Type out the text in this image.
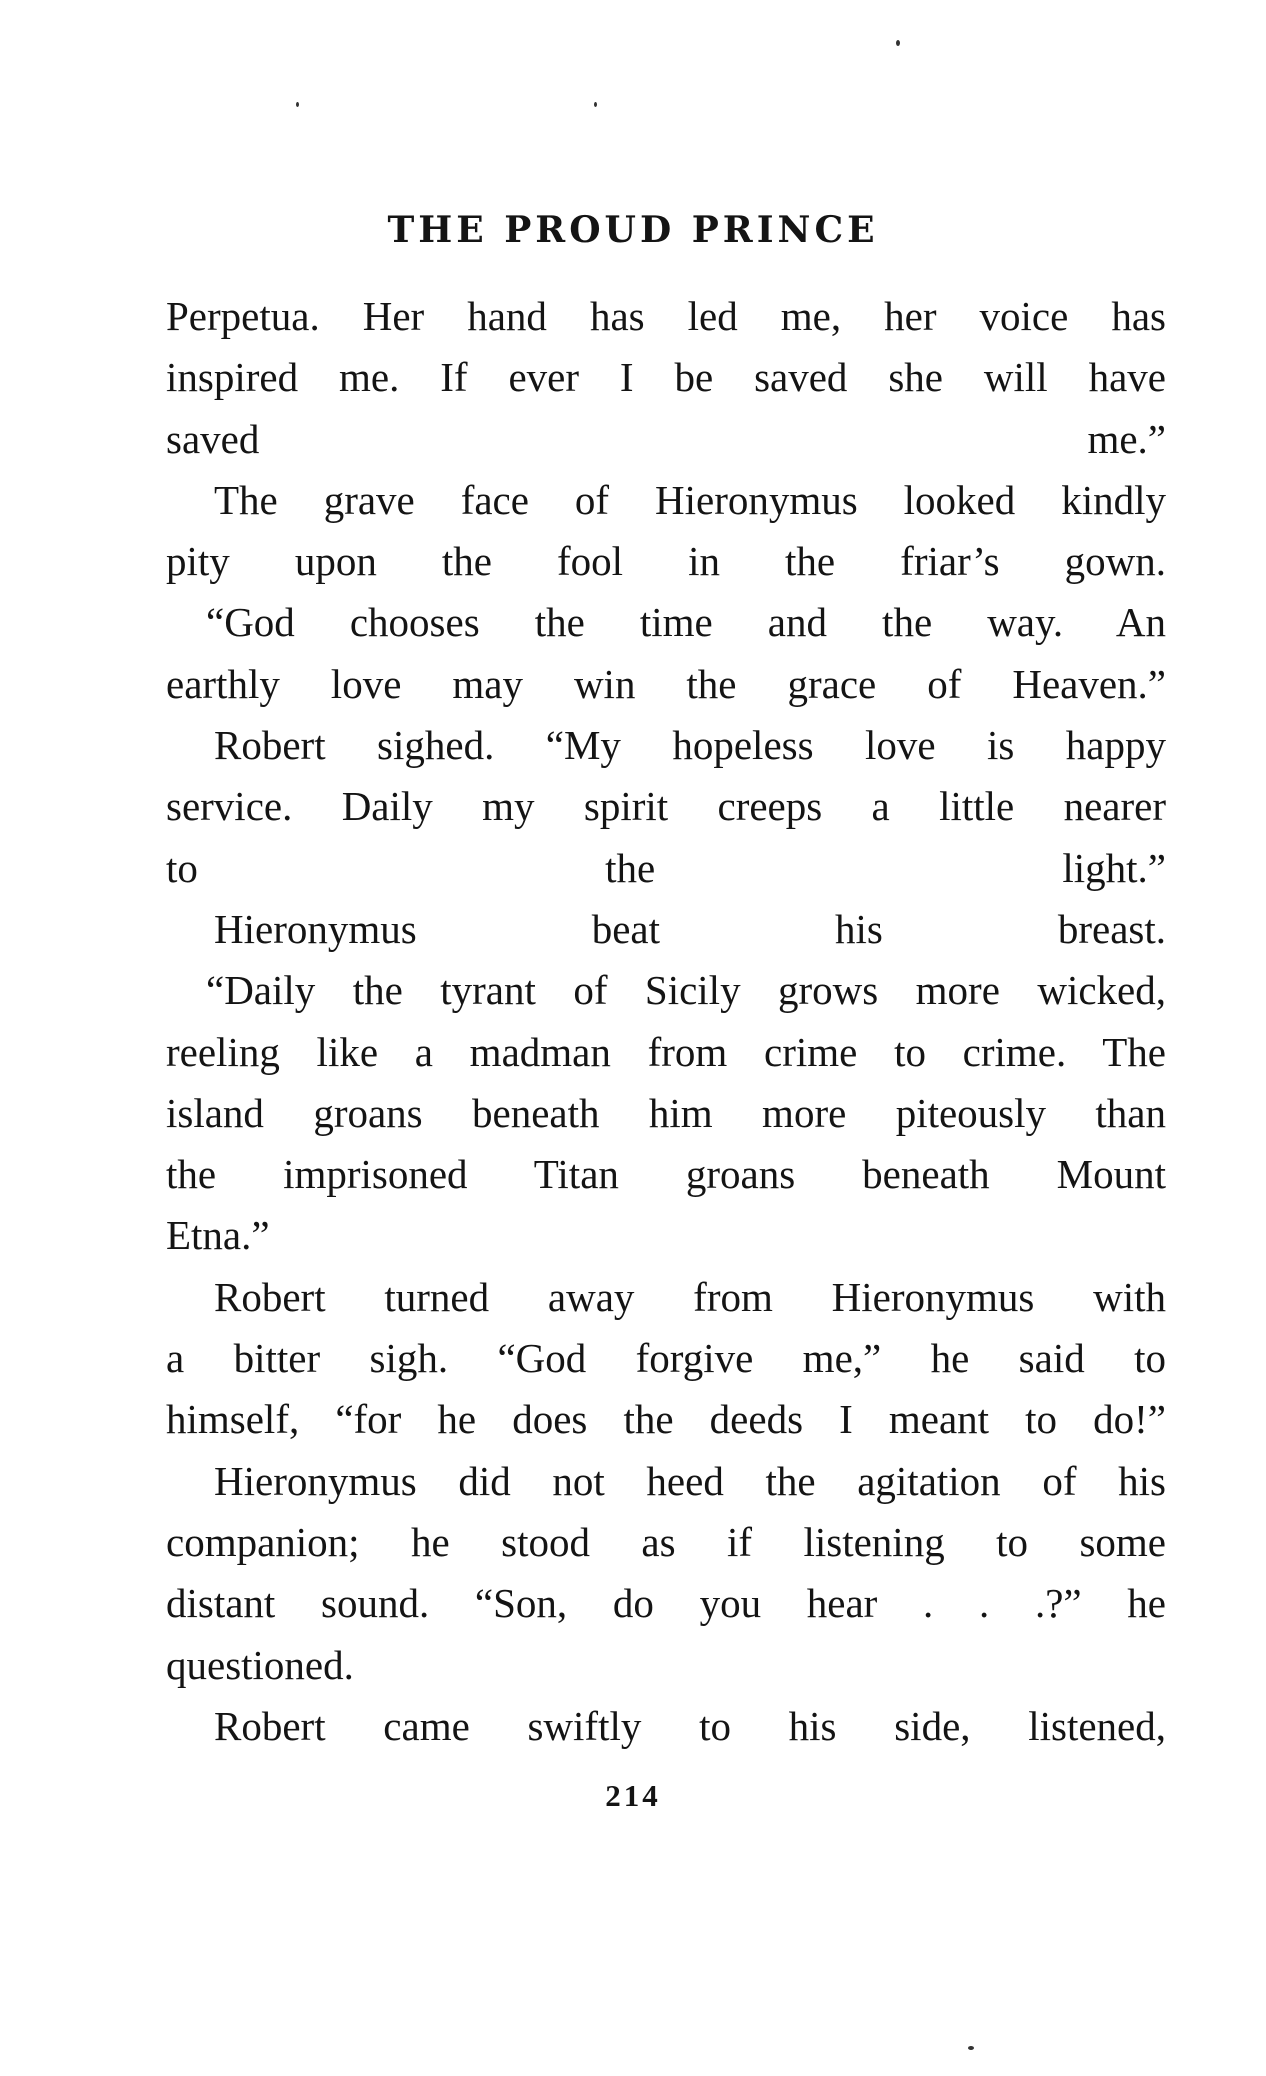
THE PROUD PRINCE
Perpetua. Her hand has led me, her voice has
inspired me. If ever I be saved she will have
saved me.”
The grave face of Hieronymus looked kindly
pity upon the fool in the friar’s gown.
“God chooses the time and the way. An
earthly love may win the grace of Heaven.”
Robert sighed. “My hopeless love is happy
service. Daily my spirit creeps a little nearer
to the light.”
Hieronymus beat his breast.
“Daily the tyrant of Sicily grows more wicked,
reeling like a madman from crime to crime. The
island groans beneath him more piteously than
the imprisoned Titan groans beneath Mount
Etna.”
Robert turned away from Hieronymus with
a bitter sigh. “God forgive me,” he said to
himself, “for he does the deeds I meant to do!”
Hieronymus did not heed the agitation of his
companion; he stood as if listening to some
distant sound. “Son, do you hear . . .?” he
questioned.
Robert came swiftly to his side, listened,
214
